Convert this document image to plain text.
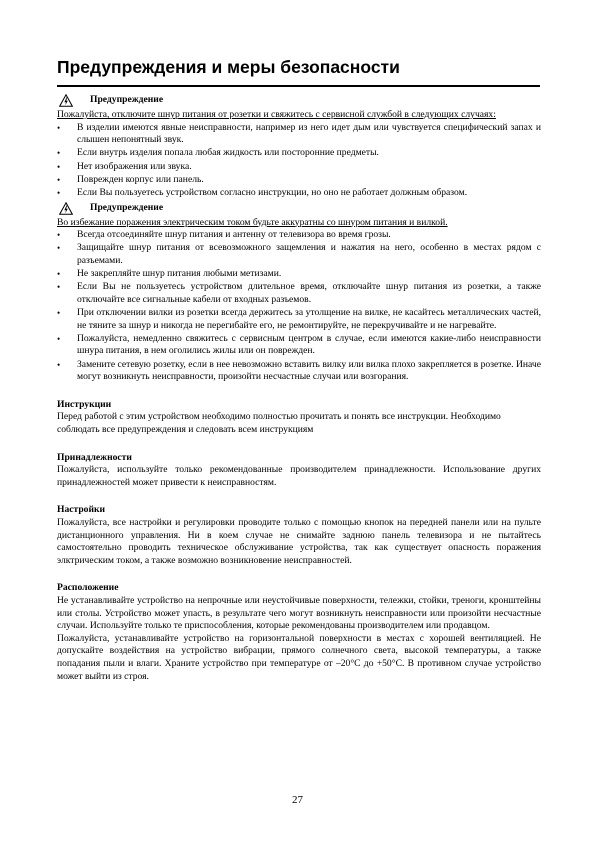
Предупреждения и меры безопасности
Предупреждение

Пожалуйста, отключите шнур питания от розетки и свяжитесь с сервисной службой в следующих случаях:

• В изделии имеются явные неисправности, например из него идет дым или чувствуется специфический запах и слышен непонятный звук.
• Если внутрь изделия попала любая жидкость или посторонние предметы.
• Нет изображения или звука.
• Поврежден корпус или панель.
• Если Вы пользуетесь устройством согласно инструкции, но оно не работает должным образом.
Предупреждение

Во избежание поражения электрическим током будьте аккуратны со шнуром питания и вилкой.

• Всегда отсоединяйте шнур питания и антенну от телевизора во время грозы.
• Защищайте шнур питания от всевозможного защемления и нажатия на него, особенно в местах рядом с разъемами.
• Не закрепляйте шнур питания любыми метизами.
• Если Вы не пользуетесь устройством длительное время, отключайте шнур питания из розетки, а также отключайте все сигнальные кабели от входных разъемов.
• При отключении вилки из розетки всегда держитесь за утолщение на вилке, не касайтесь металлических частей, не тяните за шнур и никогда не перегибайте его, не ремонтируйте, не перекручивайте и не нагревайте.
• Пожалуйста, немедленно свяжитесь с сервисным центром в случае, если имеются какие-либо неисправности шнура питания, в нем оголились жилы или он поврежден.
• Замените сетевую розетку, если в нее невозможно вставить вилку или вилка плохо закрепляется в розетке. Иначе могут возникнуть неисправности, произойти несчастные случаи или возгорания.
Инструкции

Перед работой с этим устройством необходимо полностью прочитать и понять все инструкции. Необходимо соблюдать все предупреждения и следовать всем инструкциям

Принадлежности

Пожалуйста, используйте только рекомендованные производителем принадлежности. Использование других принадлежностей может привести к неисправностям.

Настройки

Пожалуйста, все настройки и регулировки проводите только с помощью кнопок на передней панели или на пульте дистанционного управления. Ни в коем случае не снимайте заднюю панель телевизора и не пытайтесь самостоятельно проводить техническое обслуживание устройства, так как существует опасность поражения элктрическим током, а также возможно возникновение неисправностей.

Расположение

Не устанавливайте устройство на непрочные или неустойчивые поверхности, тележки, стойки, треноги, кронштейны или столы. Устройство может упасть, в результате чего могут возникнуть неисправности или произойти несчастные случаи. Используйте только те приспособления, которые рекомендованы производителем или продавцом.

Пожалуйста, устанавливайте устройство на горизонтальной поверхности в местах с хорошей вентиляцией. Не допускайте воздействия на устройство вибрации, прямого солнечного света, высокой температуры, а также попадания пыли и влаги. Храните устройство при температуре от –20°C до +50°C. В противном случае устройство может выйти из строя.

27
